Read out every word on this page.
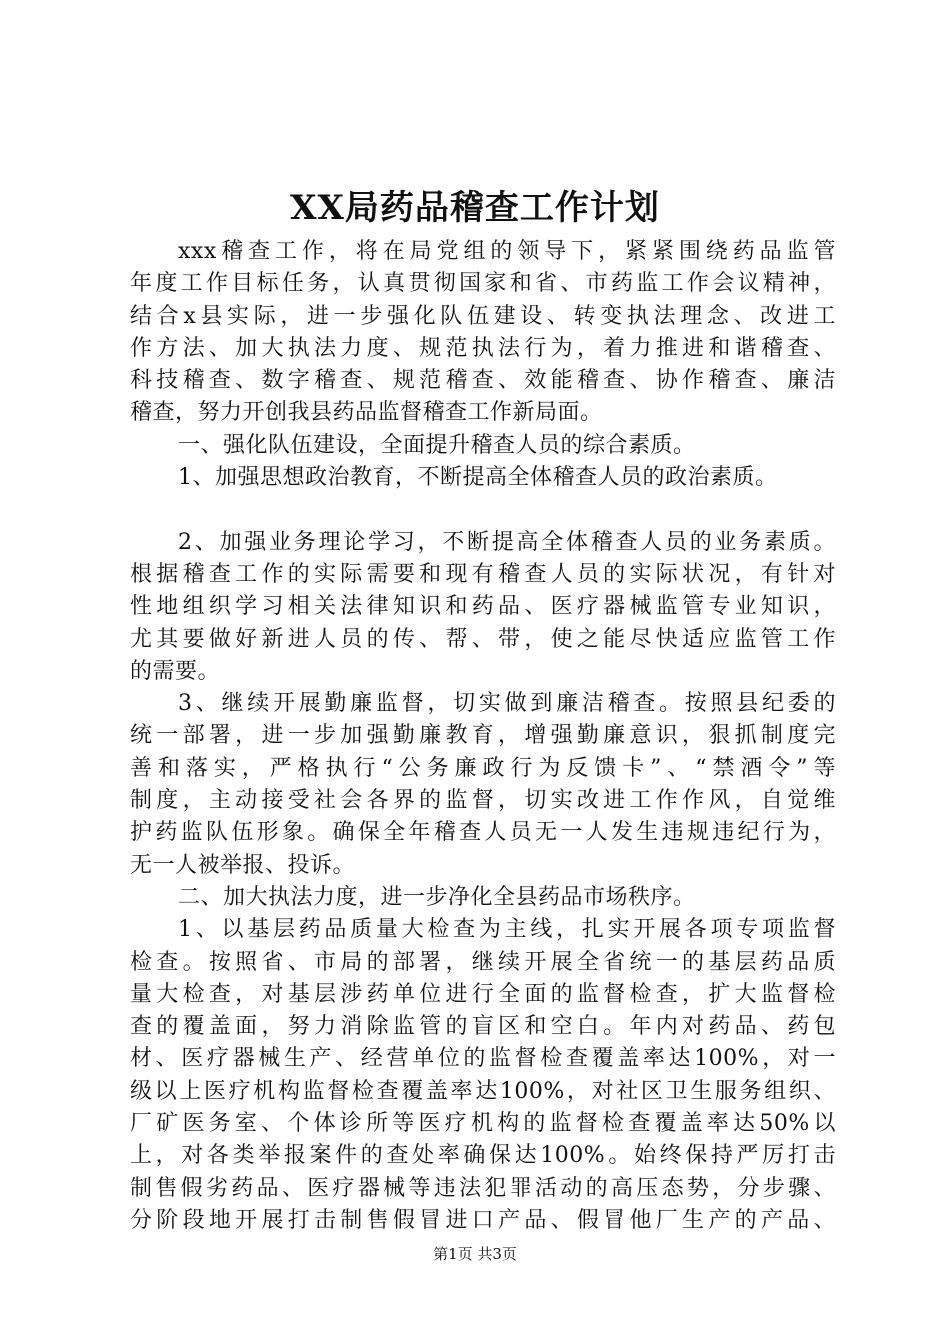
XX局药品稽查工作计划
xxx稽查工作，将在局党组的领导下，紧紧围绕药品监管
年度工作目标任务，认真贯彻国家和省、市药监工作会议精神，
结合x县实际，进一步强化队伍建设、转变执法理念、改进工
作方法、加大执法力度、规范执法行为，着力推进和谐稽查、
科技稽查、数字稽查、规范稽查、效能稽查、协作稽查、廉洁
稽查，努力开创我县药品监督稽查工作新局面。
一、强化队伍建设，全面提升稽查人员的综合素质。
1、加强思想政治教育，不断提高全体稽查人员的政治素质。
2、加强业务理论学习，不断提高全体稽查人员的业务素质。
根据稽查工作的实际需要和现有稽查人员的实际状况，有针对
性地组织学习相关法律知识和药品、医疗器械监管专业知识，
尤其要做好新进人员的传、帮、带，使之能尽快适应监管工作
的需要。
3、继续开展勤廉监督，切实做到廉洁稽查。按照县纪委的
统一部署，进一步加强勤廉教育，增强勤廉意识，狠抓制度完
善和落实，严格执行“公务廉政行为反馈卡”、“禁酒令”等
制度，主动接受社会各界的监督，切实改进工作作风，自觉维
护药监队伍形象。确保全年稽查人员无一人发生违规违纪行为，
无一人被举报、投诉。
二、加大执法力度，进一步净化全县药品市场秩序。
1、以基层药品质量大检查为主线，扎实开展各项专项监督
检查。按照省、市局的部署，继续开展全省统一的基层药品质
量大检查，对基层涉药单位进行全面的监督检查，扩大监督检
查的覆盖面，努力消除监管的盲区和空白。年内对药品、药包
材、医疗器械生产、经营单位的监督检查覆盖率达100%，对一
级以上医疗机构监督检查覆盖率达100%，对社区卫生服务组织、
厂矿医务室、个体诊所等医疗机构的监督检查覆盖率达50%以
上，对各类举报案件的查处率确保达100%。始终保持严厉打击
制售假劣药品、医疗器械等违法犯罪活动的高压态势，分步骤、
分阶段地开展打击制售假冒进口产品、假冒他厂生产的产品、
第1页 共3页
